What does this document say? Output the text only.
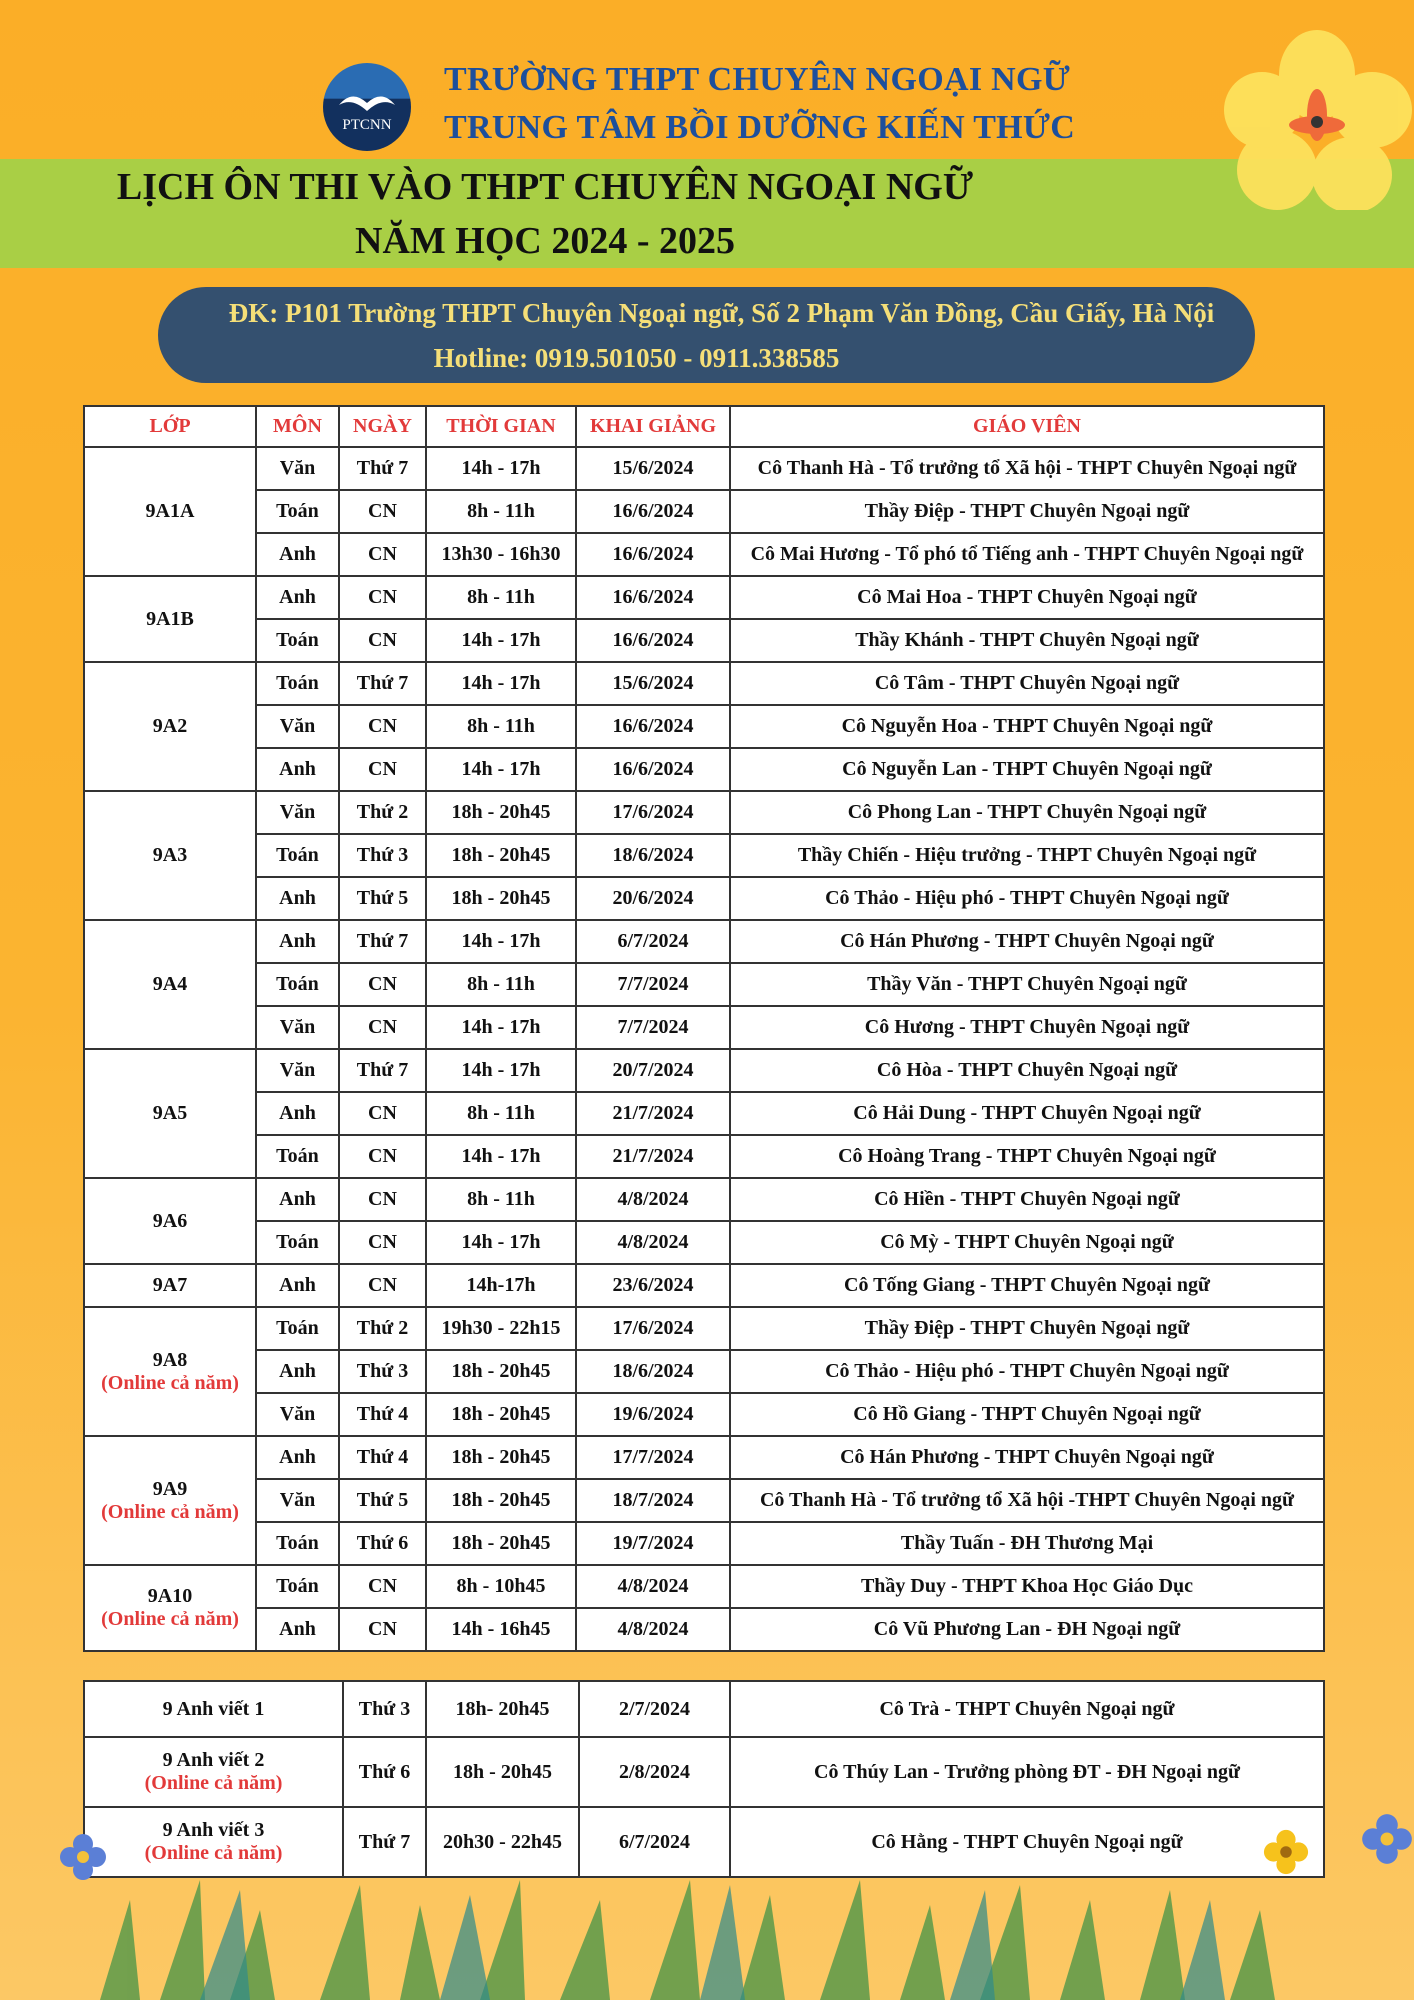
PTCNN
TRƯỜNG THPT CHUYÊN NGOẠI NGỮ
TRUNG TÂM BỒI DƯỠNG KIẾN THỨC
LỊCH ÔN THI VÀO THPT CHUYÊN NGOẠI NGỮ
NĂM HỌC 2024 - 2025
ĐK: P101 Trường THPT Chuyên Ngoại ngữ, Số 2 Phạm Văn Đồng, Cầu Giấy, Hà Nội
Hotline: 0919.501050 - 0911.338585
LỚP	MÔN	NGÀY	THỜI GIAN	KHAI GIẢNG	GIÁO VIÊN
9A1A	Văn	Thứ 7	14h - 17h	15/6/2024	Cô Thanh Hà - Tổ trưởng tổ Xã hội - THPT Chuyên Ngoại ngữ
	Toán	CN	8h - 11h	16/6/2024	Thầy Điệp - THPT Chuyên Ngoại ngữ
	Anh	CN	13h30 - 16h30	16/6/2024	Cô Mai Hương - Tổ phó tổ Tiếng anh - THPT Chuyên Ngoại ngữ
9A1B	Anh	CN	8h - 11h	16/6/2024	Cô Mai Hoa - THPT Chuyên Ngoại ngữ
	Toán	CN	14h - 17h	16/6/2024	Thầy Khánh - THPT Chuyên Ngoại ngữ
9A2	Toán	Thứ 7	14h - 17h	15/6/2024	Cô Tâm - THPT Chuyên Ngoại ngữ
	Văn	CN	8h - 11h	16/6/2024	Cô Nguyễn Hoa - THPT Chuyên Ngoại ngữ
	Anh	CN	14h - 17h	16/6/2024	Cô Nguyễn Lan - THPT Chuyên Ngoại ngữ
9A3	Văn	Thứ 2	18h - 20h45	17/6/2024	Cô Phong Lan - THPT Chuyên Ngoại ngữ
	Toán	Thứ 3	18h - 20h45	18/6/2024	Thầy Chiến - Hiệu trưởng - THPT Chuyên Ngoại ngữ
	Anh	Thứ 5	18h - 20h45	20/6/2024	Cô Thảo - Hiệu phó - THPT Chuyên Ngoại ngữ
9A4	Anh	Thứ 7	14h - 17h	6/7/2024	Cô Hán Phương - THPT Chuyên Ngoại ngữ
	Toán	CN	8h - 11h	7/7/2024	Thầy Văn - THPT Chuyên Ngoại ngữ
	Văn	CN	14h - 17h	7/7/2024	Cô Hương - THPT Chuyên Ngoại ngữ
9A5	Văn	Thứ 7	14h - 17h	20/7/2024	Cô Hòa - THPT Chuyên Ngoại ngữ
	Anh	CN	8h - 11h	21/7/2024	Cô Hải Dung - THPT Chuyên Ngoại ngữ
	Toán	CN	14h - 17h	21/7/2024	Cô Hoàng Trang - THPT Chuyên Ngoại ngữ
9A6	Anh	CN	8h - 11h	4/8/2024	Cô Hiền - THPT Chuyên Ngoại ngữ
	Toán	CN	14h - 17h	4/8/2024	Cô Mỳ - THPT Chuyên Ngoại ngữ
9A7	Anh	CN	14h-17h	23/6/2024	Cô Tống Giang - THPT Chuyên Ngoại ngữ
9A8
(Online cả năm)	Toán	Thứ 2	19h30 - 22h15	17/6/2024	Thầy Điệp - THPT Chuyên Ngoại ngữ
	Anh	Thứ 3	18h - 20h45	18/6/2024	Cô Thảo - Hiệu phó - THPT Chuyên Ngoại ngữ
	Văn	Thứ 4	18h - 20h45	19/6/2024	Cô Hồ Giang - THPT Chuyên Ngoại ngữ
9A9
(Online cả năm)	Anh	Thứ 4	18h - 20h45	17/7/2024	Cô Hán Phương - THPT Chuyên Ngoại ngữ
	Văn	Thứ 5	18h - 20h45	18/7/2024	Cô Thanh Hà - Tổ trưởng tổ Xã hội -THPT Chuyên Ngoại ngữ
	Toán	Thứ 6	18h - 20h45	19/7/2024	Thầy Tuấn - ĐH Thương Mại
9A10
(Online cả năm)	Toán	CN	8h - 10h45	4/8/2024	Thầy Duy - THPT Khoa Học Giáo Dục
	Anh	CN	14h - 16h45	4/8/2024	Cô Vũ Phương Lan - ĐH Ngoại ngữ
9 Anh viết 1	Thứ 3	18h- 20h45	2/7/2024	Cô Trà - THPT Chuyên Ngoại ngữ
9 Anh viết 2
(Online cả năm)	Thứ 6	18h - 20h45	2/8/2024	Cô Thúy Lan - Trưởng phòng ĐT - ĐH Ngoại ngữ
9 Anh viết 3
(Online cả năm)	Thứ 7	20h30 - 22h45	6/7/2024	Cô Hằng - THPT Chuyên Ngoại ngữ
